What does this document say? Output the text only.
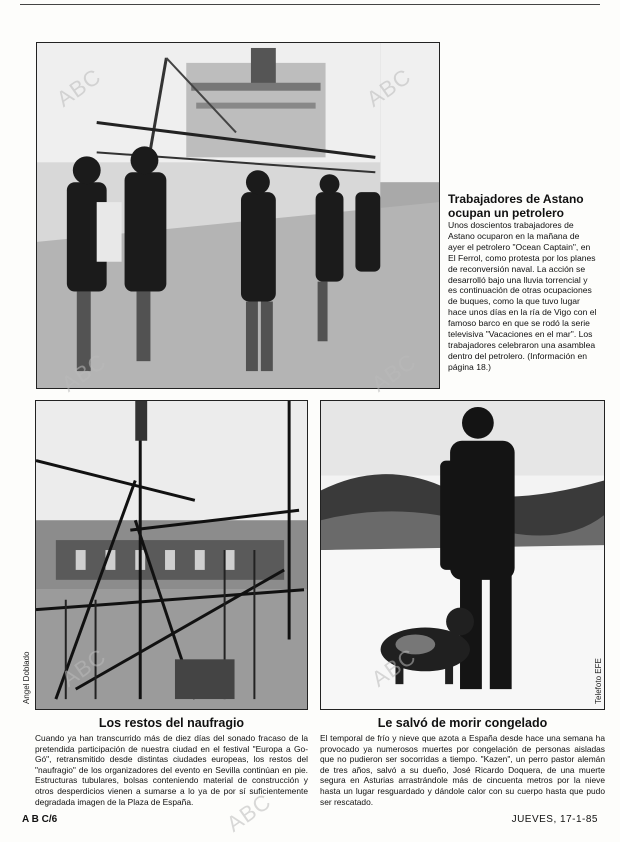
Trabajadores de Astano ocupan un petrolero
Unos doscientos trabajadores de Astano ocuparon en la mañana de ayer el petrolero "Ocean Captain", en El Ferrol, como protesta por los planes de reconversión naval. La acción se desarrolló bajo una lluvia torrencial y es continuación de otras ocupaciones de buques, como la que tuvo lugar hace unos días en la ría de Vigo con el famoso barco en que se rodó la serie televisiva "Vacaciones en el mar". Los trabajadores celebraron una asamblea dentro del petrolero. (Información en página 18.)
Angel Doblado	Telefoto EFE
Los restos del naufragio
Cuando ya han transcurrido más de diez días del sonado fracaso de la pretendida participación de nuestra ciudad en el festival "Europa a Go-Gó", retransmitido desde distintas ciudades europeas, los restos del "naufragio" de los organizadores del evento en Sevilla continúan en pie. Estructuras tubulares, bolsas conteniendo material de construcción y otros desperdicios vienen a sumarse a lo ya de por sí suficientemente degradada imagen de la Plaza de España.
Le salvó de morir congelado
El temporal de frío y nieve que azota a España desde hace una semana ha provocado ya numerosos muertes por congelación de personas aisladas que no pudieron ser socorridas a tiempo. "Kazen", un perro pastor alemán de tres años, salvó a su dueño, José Ricardo Doquera, de una muerte segura en Asturias arrastrándole más de cincuenta metros por la nieve hasta un lugar resguardado y dándole calor con su cuerpo hasta que pudo ser rescatado.
A B C/6	JUEVES, 17-1-85
ABC	ABC
ABC	ABC
ABC	ABC
ABC
